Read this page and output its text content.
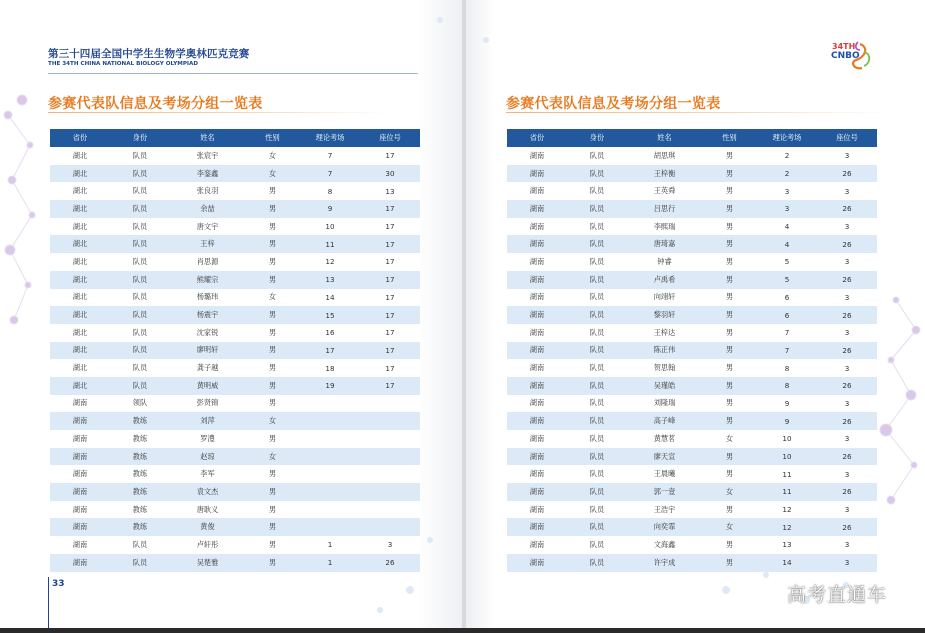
第三十四届全国中学生生物学奥林匹克竞赛
THE 34TH CHINA NATIONAL BIOLOGY OLYMPIAD
参赛代表队信息及考场分组一览表
省份	身份	姓名	性别	理论考场	座位号
湖北	队员	张宸宇	女	7	17
湖北	队员	李銮鑫	女	7	30
湖北	队员	张良羽	男	8	13
湖北	队员	余喆	男	9	17
湖北	队员	唐文宇	男	10	17
湖北	队员	王梓	男	11	17
湖北	队员	肖思源	男	12	17
湖北	队员	熊耀宗	男	13	17
湖北	队员	杨璐玮	女	14	17
湖北	队员	杨震宇	男	15	17
湖北	队员	沈家锐	男	16	17
湖北	队员	廖明轩	男	17	17
湖北	队员	龚子越	男	18	17
湖北	队员	黄明威	男	19	17
湖南	领队	彭贤锦	男		
湖南	教练	刘萍	女		
湖南	教练	罗澧	男		
湖南	教练	赵琼	女		
湖南	教练	李军	男		
湖南	教练	袁文杰	男		
湖南	教练	唐耿义	男		
湖南	教练	黄俊	男		
湖南	队员	卢轩彤	男	1	3
湖南	队员	吴楚雅	男	1	26
33
34TH
CNBO
参赛代表队信息及考场分组一览表
省份	身份	姓名	性别	理论考场	座位号
湖南	队员	胡思琪	男	2	3
湖南	队员	王梓衡	男	2	26
湖南	队员	王英舜	男	3	3
湖南	队员	吕思行	男	3	26
湖南	队员	李熙瑞	男	4	3
湖南	队员	唐琦嘉	男	4	26
湖南	队员	钟睿	男	5	3
湖南	队员	卢禹希	男	5	26
湖南	队员	向翊轩	男	6	3
湖南	队员	黎羽轩	男	6	26
湖南	队员	王梓达	男	7	3
湖南	队员	陈正伟	男	7	26
湖南	队员	贺思翰	男	8	3
湖南	队员	吴瑾皓	男	8	26
湖南	队员	刘隆瑞	男	9	3
湖南	队员	高子峰	男	9	26
湖南	队员	黄慧茗	女	10	3
湖南	队员	廖天宣	男	10	26
湖南	队员	王晨曦	男	11	3
湖南	队员	郭一壹	女	11	26
湖南	队员	王浩宇	男	12	3
湖南	队员	向奕霏	女	12	26
湖南	队员	文海鑫	男	13	3
湖南	队员	许宇成	男	14	3
高考直通车
